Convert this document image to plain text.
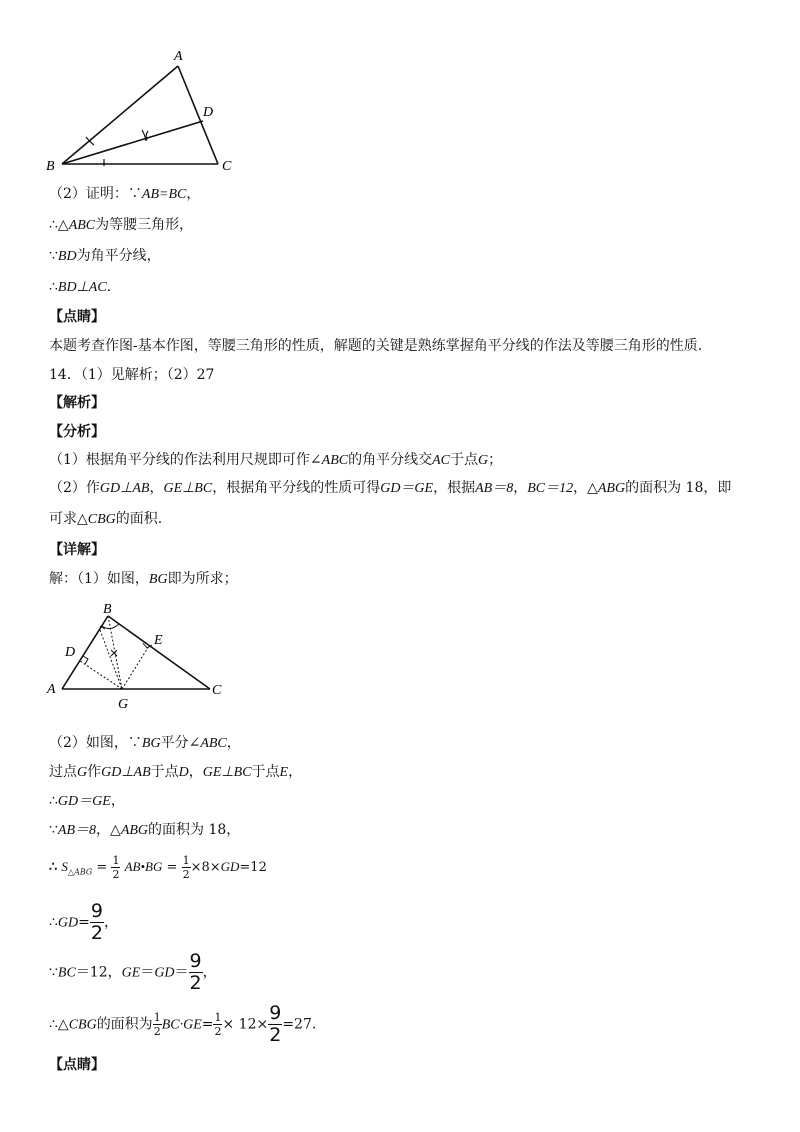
A
B	C
D
（2）证明：∵AB=BC，
∴△ABC为等腰三角形，
∵BD为角平分线，
∴BD⊥AC.
【点睛】
本题考查作图-基本作图，等腰三角形的性质，解题的关键是熟练掌握角平分线的作法及等腰三角形的性质.
14．（1）见解析；（2）27
【解析】
【分析】
（1）根据角平分线的作法利用尺规即可作∠ABC的角平分线交AC于点G；
（2）作GD⊥AB，GE⊥BC，根据角平分线的性质可得GD＝GE，根据AB＝8，BC＝12，△ABG的面积为 18，即
可求△CBG的面积.
【详解】
解：（1）如图，BG即为所求；
B
A	C
D
E
G
（2）如图，∵BG平分∠ABC，
过点G作GD⊥AB于点D，GE⊥BC于点E，
∴GD＝GE，
∵AB＝8，△ABG的面积为 18，
∴ $S_{\triangle ABG} = \frac{1}{2}$ AB•BG = $\frac{1}{2} \times 8\times GD=12$
∴GD= $\frac{9}{2}$ ，
∵BC＝12，$GE=GD= \frac{9}{2}$ ，
∴△CBG的面积为 $\frac{1}{2} BC\cdot GE= \frac{1}{2} \times 12\times \frac{9}{2} =27$.
【点睛】
